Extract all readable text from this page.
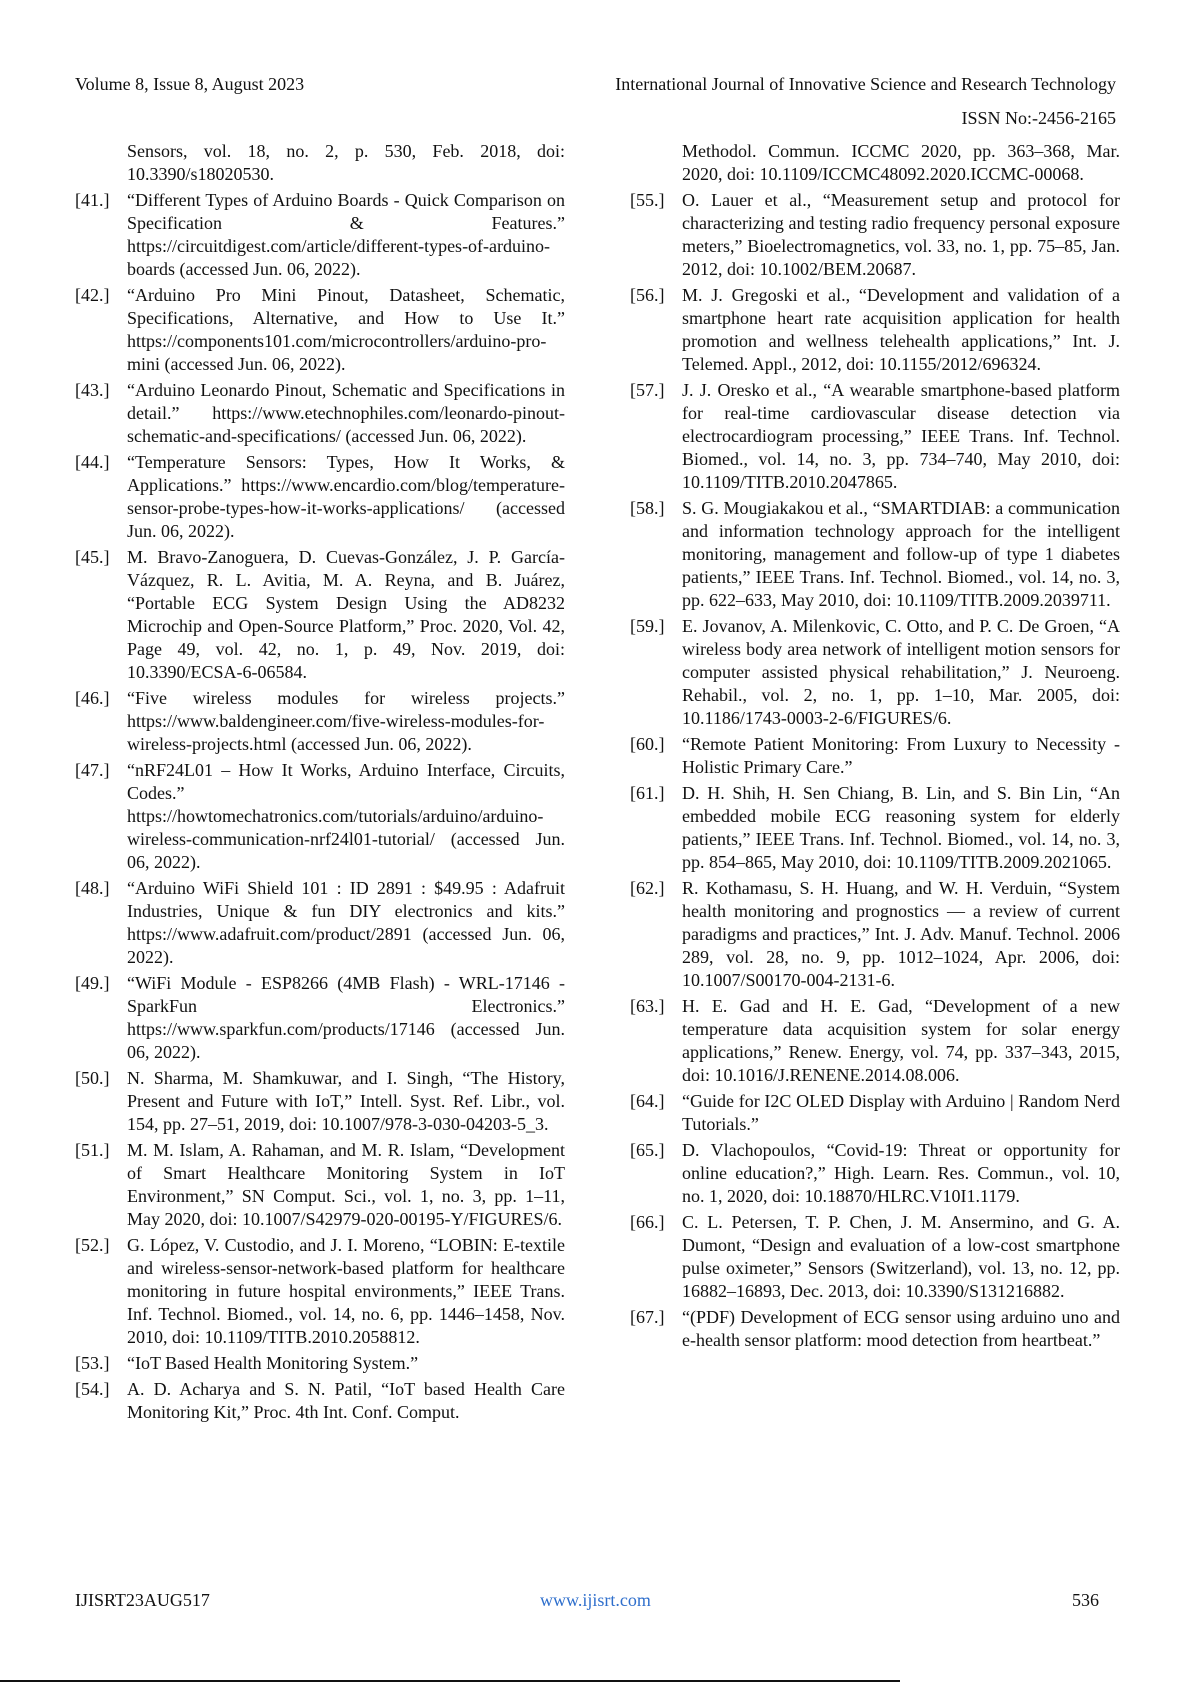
Volume 8, Issue 8, August 2023	International Journal of Innovative Science and Research Technology
ISSN No:-2456-2165
Sensors, vol. 18, no. 2, p. 530, Feb. 2018, doi: 10.3390/s18020530.
[41.] “Different Types of Arduino Boards - Quick Comparison on Specification & Features.” https://circuitdigest.com/article/different-types-of-arduino-boards (accessed Jun. 06, 2022).
[42.] “Arduino Pro Mini Pinout, Datasheet, Schematic, Specifications, Alternative, and How to Use It.” https://components101.com/microcontrollers/arduino-pro-mini (accessed Jun. 06, 2022).
[43.] “Arduino Leonardo Pinout, Schematic and Specifications in detail.” https://www.etechnophiles.com/leonardo-pinout-schematic-and-specifications/ (accessed Jun. 06, 2022).
[44.] “Temperature Sensors: Types, How It Works, & Applications.” https://www.encardio.com/blog/temperature-sensor-probe-types-how-it-works-applications/ (accessed Jun. 06, 2022).
[45.] M. Bravo-Zanoguera, D. Cuevas-González, J. P. García-Vázquez, R. L. Avitia, M. A. Reyna, and B. Juárez, “Portable ECG System Design Using the AD8232 Microchip and Open-Source Platform,” Proc. 2020, Vol. 42, Page 49, vol. 42, no. 1, p. 49, Nov. 2019, doi: 10.3390/ECSA-6-06584.
[46.] “Five wireless modules for wireless projects.” https://www.baldengineer.com/five-wireless-modules-for-wireless-projects.html (accessed Jun. 06, 2022).
[47.] “nRF24L01 – How It Works, Arduino Interface, Circuits, Codes.” https://howtomechatronics.com/tutorials/arduino/arduino-wireless-communication-nrf24l01-tutorial/ (accessed Jun. 06, 2022).
[48.] “Arduino WiFi Shield 101 : ID 2891 : $49.95 : Adafruit Industries, Unique & fun DIY electronics and kits.” https://www.adafruit.com/product/2891 (accessed Jun. 06, 2022).
[49.] “WiFi Module - ESP8266 (4MB Flash) - WRL-17146 - SparkFun Electronics.” https://www.sparkfun.com/products/17146 (accessed Jun. 06, 2022).
[50.] N. Sharma, M. Shamkuwar, and I. Singh, “The History, Present and Future with IoT,” Intell. Syst. Ref. Libr., vol. 154, pp. 27–51, 2019, doi: 10.1007/978-3-030-04203-5_3.
[51.] M. M. Islam, A. Rahaman, and M. R. Islam, “Development of Smart Healthcare Monitoring System in IoT Environment,” SN Comput. Sci., vol. 1, no. 3, pp. 1–11, May 2020, doi: 10.1007/S42979-020-00195-Y/FIGURES/6.
[52.] G. López, V. Custodio, and J. I. Moreno, “LOBIN: E-textile and wireless-sensor-network-based platform for healthcare monitoring in future hospital environments,” IEEE Trans. Inf. Technol. Biomed., vol. 14, no. 6, pp. 1446–1458, Nov. 2010, doi: 10.1109/TITB.2010.2058812.
[53.] “IoT Based Health Monitoring System.”
[54.] A. D. Acharya and S. N. Patil, “IoT based Health Care Monitoring Kit,” Proc. 4th Int. Conf. Comput.
Methodol. Commun. ICCMC 2020, pp. 363–368, Mar. 2020, doi: 10.1109/ICCMC48092.2020.ICCMC-00068.
[55.] O. Lauer et al., “Measurement setup and protocol for characterizing and testing radio frequency personal exposure meters,” Bioelectromagnetics, vol. 33, no. 1, pp. 75–85, Jan. 2012, doi: 10.1002/BEM.20687.
[56.] M. J. Gregoski et al., “Development and validation of a smartphone heart rate acquisition application for health promotion and wellness telehealth applications,” Int. J. Telemed. Appl., 2012, doi: 10.1155/2012/696324.
[57.] J. J. Oresko et al., “A wearable smartphone-based platform for real-time cardiovascular disease detection via electrocardiogram processing,” IEEE Trans. Inf. Technol. Biomed., vol. 14, no. 3, pp. 734–740, May 2010, doi: 10.1109/TITB.2010.2047865.
[58.] S. G. Mougiakakou et al., “SMARTDIAB: a communication and information technology approach for the intelligent monitoring, management and follow-up of type 1 diabetes patients,” IEEE Trans. Inf. Technol. Biomed., vol. 14, no. 3, pp. 622–633, May 2010, doi: 10.1109/TITB.2009.2039711.
[59.] E. Jovanov, A. Milenkovic, C. Otto, and P. C. De Groen, “A wireless body area network of intelligent motion sensors for computer assisted physical rehabilitation,” J. Neuroeng. Rehabil., vol. 2, no. 1, pp. 1–10, Mar. 2005, doi: 10.1186/1743-0003-2-6/FIGURES/6.
[60.] “Remote Patient Monitoring: From Luxury to Necessity - Holistic Primary Care.”
[61.] D. H. Shih, H. Sen Chiang, B. Lin, and S. Bin Lin, “An embedded mobile ECG reasoning system for elderly patients,” IEEE Trans. Inf. Technol. Biomed., vol. 14, no. 3, pp. 854–865, May 2010, doi: 10.1109/TITB.2009.2021065.
[62.] R. Kothamasu, S. H. Huang, and W. H. Verduin, “System health monitoring and prognostics — a review of current paradigms and practices,” Int. J. Adv. Manuf. Technol. 2006 289, vol. 28, no. 9, pp. 1012–1024, Apr. 2006, doi: 10.1007/S00170-004-2131-6.
[63.] H. E. Gad and H. E. Gad, “Development of a new temperature data acquisition system for solar energy applications,” Renew. Energy, vol. 74, pp. 337–343, 2015, doi: 10.1016/J.RENENE.2014.08.006.
[64.] “Guide for I2C OLED Display with Arduino | Random Nerd Tutorials.”
[65.] D. Vlachopoulos, “Covid-19: Threat or opportunity for online education?,” High. Learn. Res. Commun., vol. 10, no. 1, 2020, doi: 10.18870/HLRC.V10I1.1179.
[66.] C. L. Petersen, T. P. Chen, J. M. Ansermino, and G. A. Dumont, “Design and evaluation of a low-cost smartphone pulse oximeter,” Sensors (Switzerland), vol. 13, no. 12, pp. 16882–16893, Dec. 2013, doi: 10.3390/S131216882.
[67.] “(PDF) Development of ECG sensor using arduino uno and e-health sensor platform: mood detection from heartbeat.”
IJISRT23AUG517	www.ijisrt.com	536
